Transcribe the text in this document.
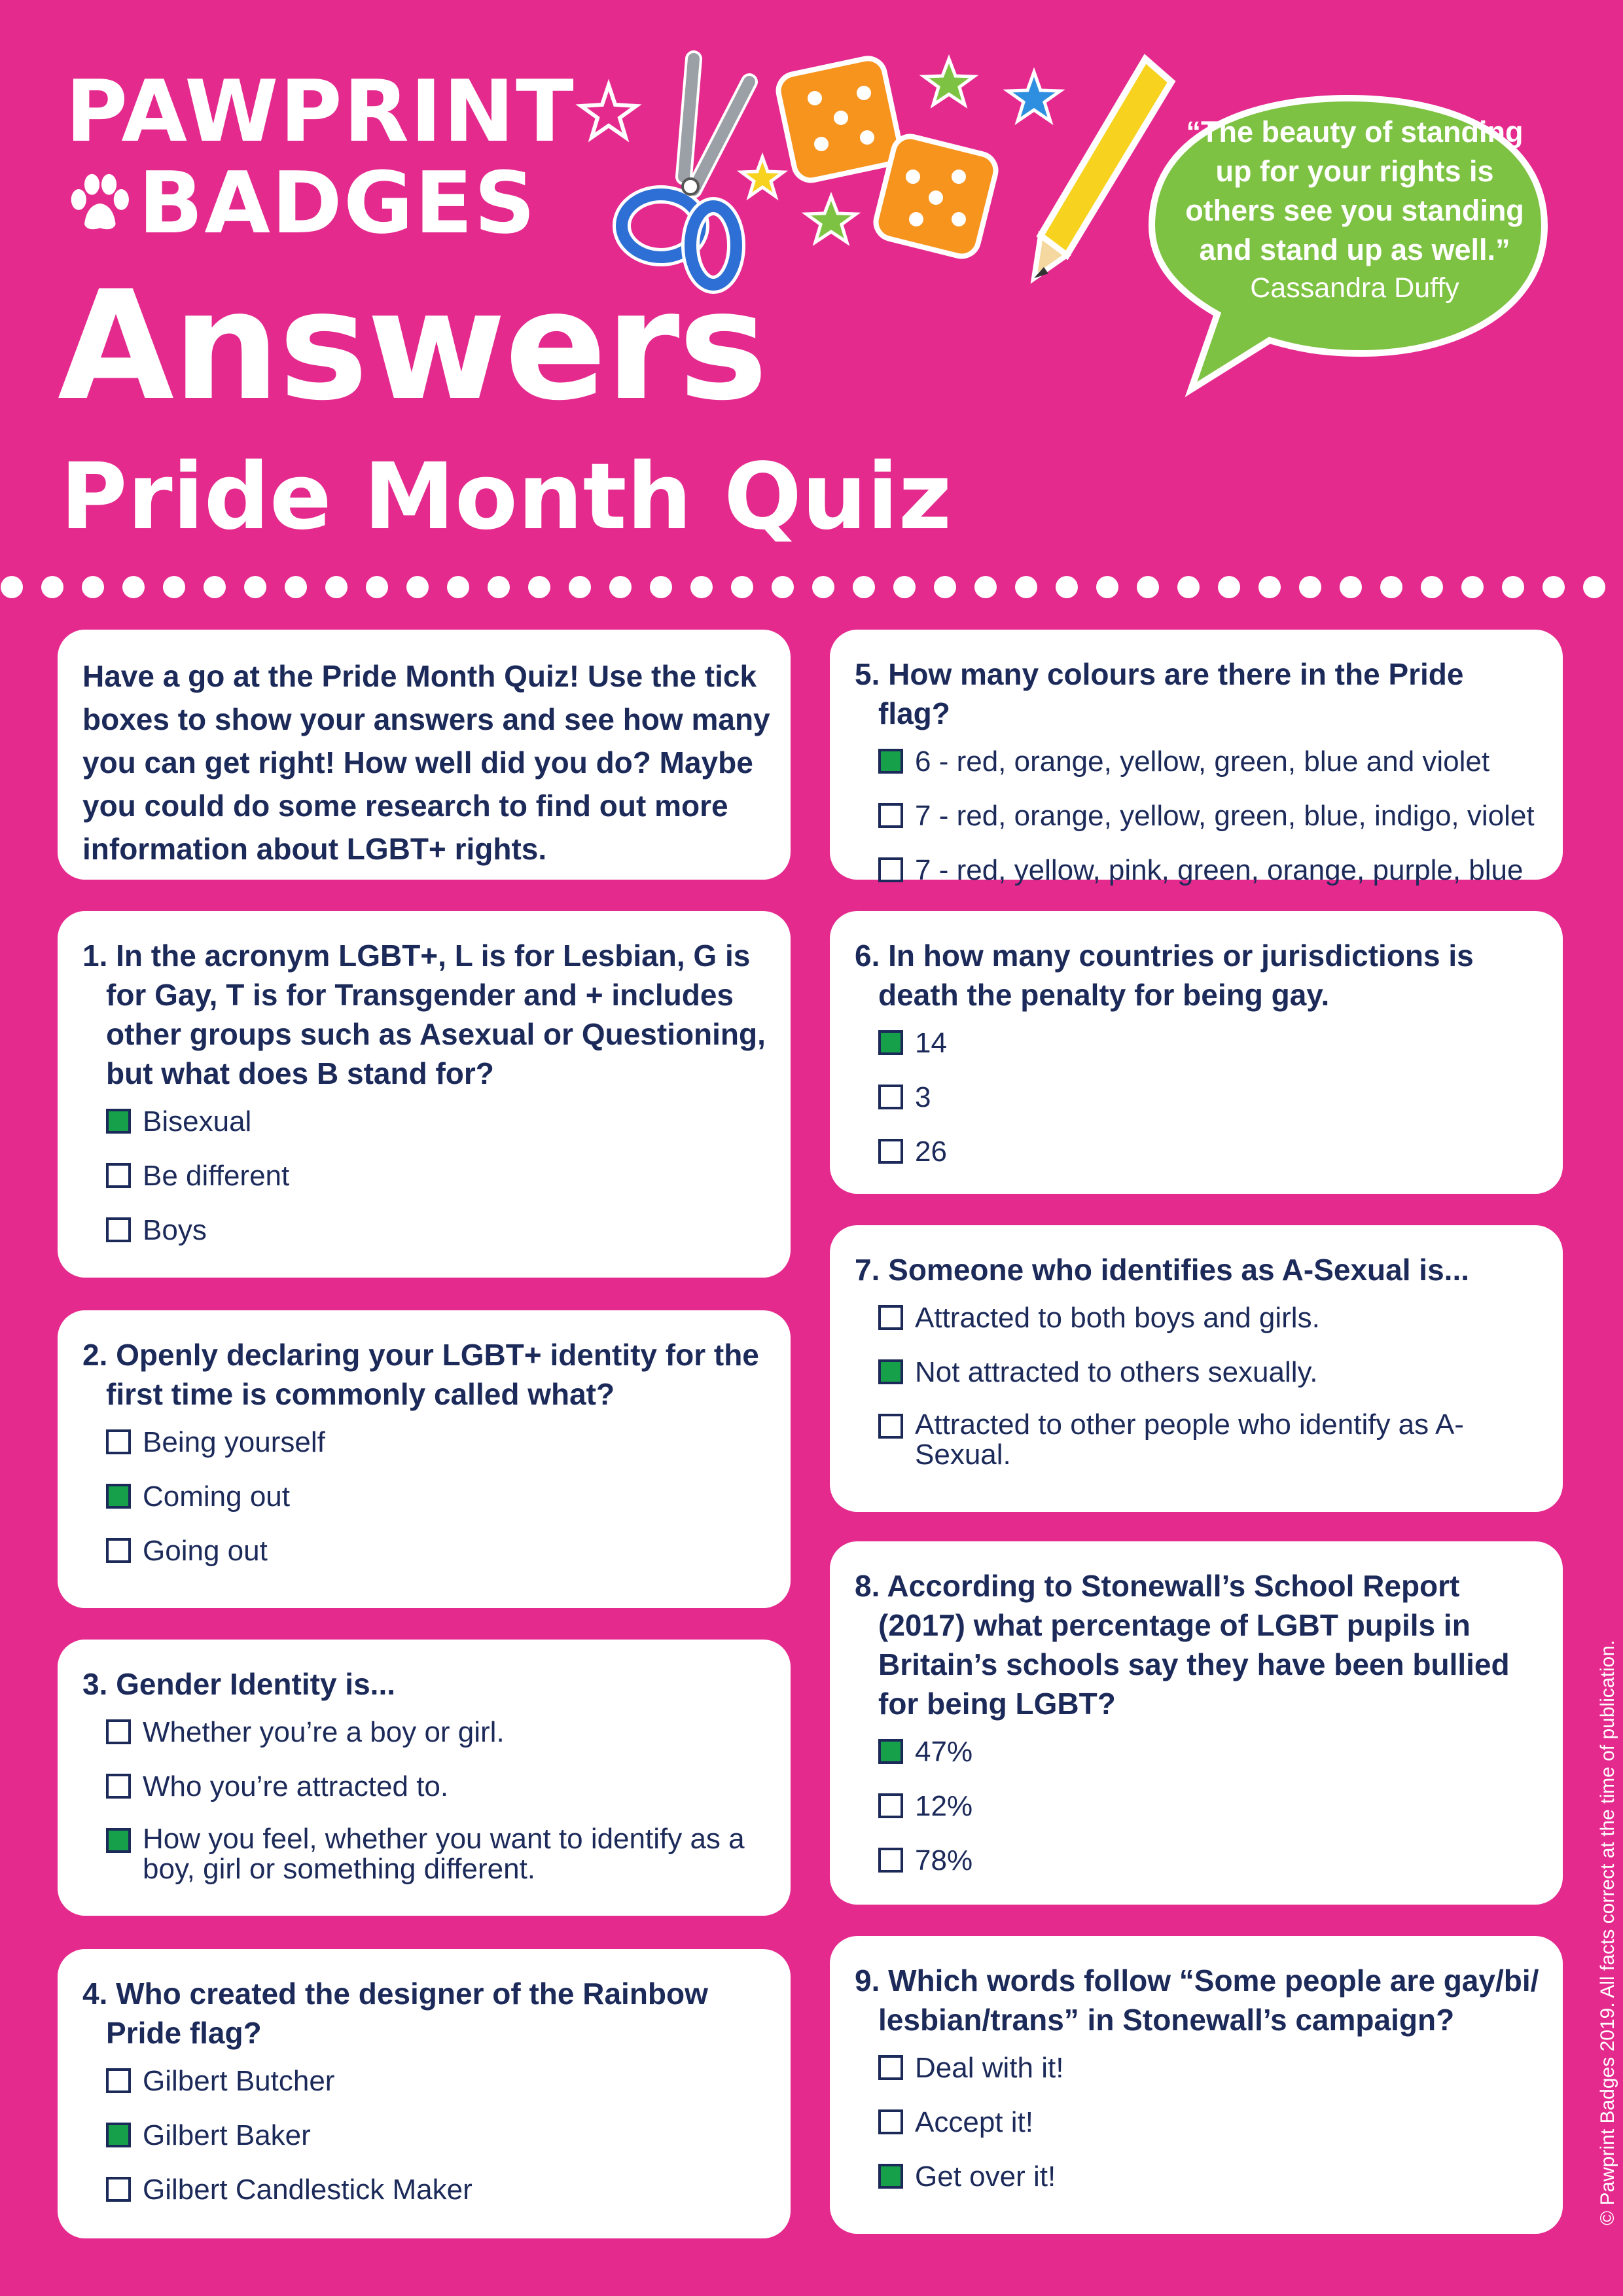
PAWPRINT
BADGES
“The beauty of standing up for your rights is others see you standing and stand up as well.”
Cassandra Duffy
Answers
Pride Month Quiz

Have a go at the Pride Month Quiz! Use the tick boxes to show your answers and see how many you can get right! How well did you do? Maybe you could do some research to find out more information about LGBT+ rights.

1. In the acronym LGBT+, L is for Lesbian, G is for Gay, T is for Transgender and + includes other groups such as Asexual or Questioning, but what does B stand for?

Bisexual
Be different
Boys

2. Openly declaring your LGBT+ identity for the first time is commonly called what?

Being yourself
Coming out
Going out

3. Gender Identity is...

Whether you’re a boy or girl.
Who you’re attracted to.
How you feel, whether you want to identify as a boy, girl or something different.

4. Who created the designer of the Rainbow Pride flag?

Gilbert Butcher
Gilbert Baker
Gilbert Candlestick Maker

5. How many colours are there in the Pride flag?

6 - red, orange, yellow, green, blue and violet
7 - red, orange, yellow, green, blue, indigo, violet
7 - red, yellow, pink, green, orange, purple, blue

6. In how many countries or jurisdictions is death the penalty for being gay.

14
3
26

7. Someone who identifies as A-Sexual is...

Attracted to both boys and girls.
Not attracted to others sexually.
Attracted to other people who identify as A-Sexual.

8. According to Stonewall’s School Report (2017) what percentage of LGBT pupils in Britain’s schools say they have been bullied for being LGBT?

47%
12%
78%

9. Which words follow “Some people are gay/bi/ lesbian/trans” in Stonewall’s campaign?

Deal with it!
Accept it!
Get over it!	© Pawprint Badges 2019. All facts correct at the time of publication.
